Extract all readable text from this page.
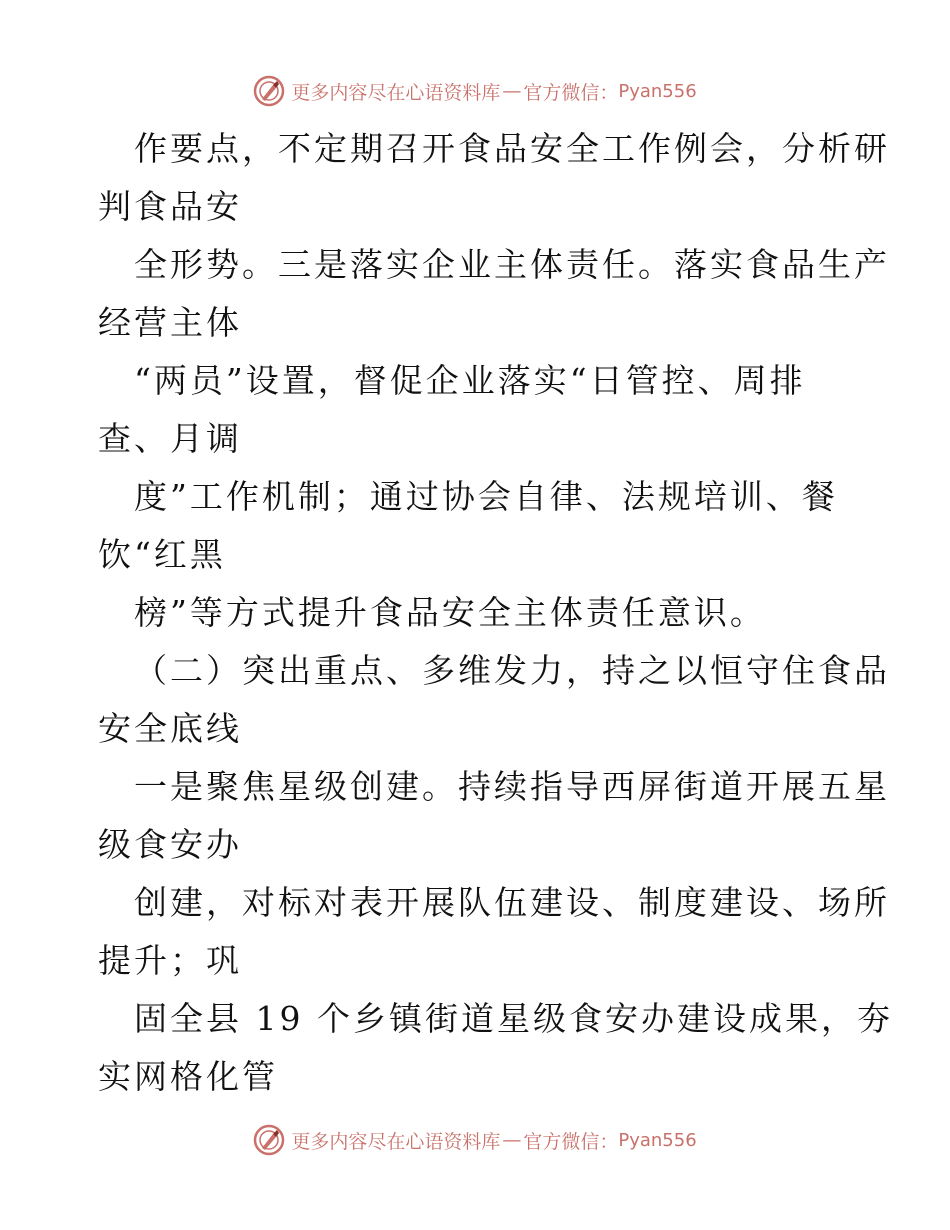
更多内容尽在心语资料库 — 官方微信： Pyan556
作要点，不定期召开食品安全工作例会，分析研
判食品安
全形势。三是落实企业主体责任。落实食品生产
经营主体
“两员”设置，督促企业落实“日管控、周排
查、月调
度”工作机制；通过协会自律、法规培训、餐
饮“红黑
榜”等方式提升食品安全主体责任意识。
（二）突出重点、多维发力，持之以恒守住食品
安全底线
一是聚焦星级创建。持续指导西屏街道开展五星
级食安办
创建，对标对表开展队伍建设、制度建设、场所
提升；巩
固全县 19 个乡镇街道星级食安办建设成果，夯
实网格化管
更多内容尽在心语资料库 — 官方微信： Pyan556
